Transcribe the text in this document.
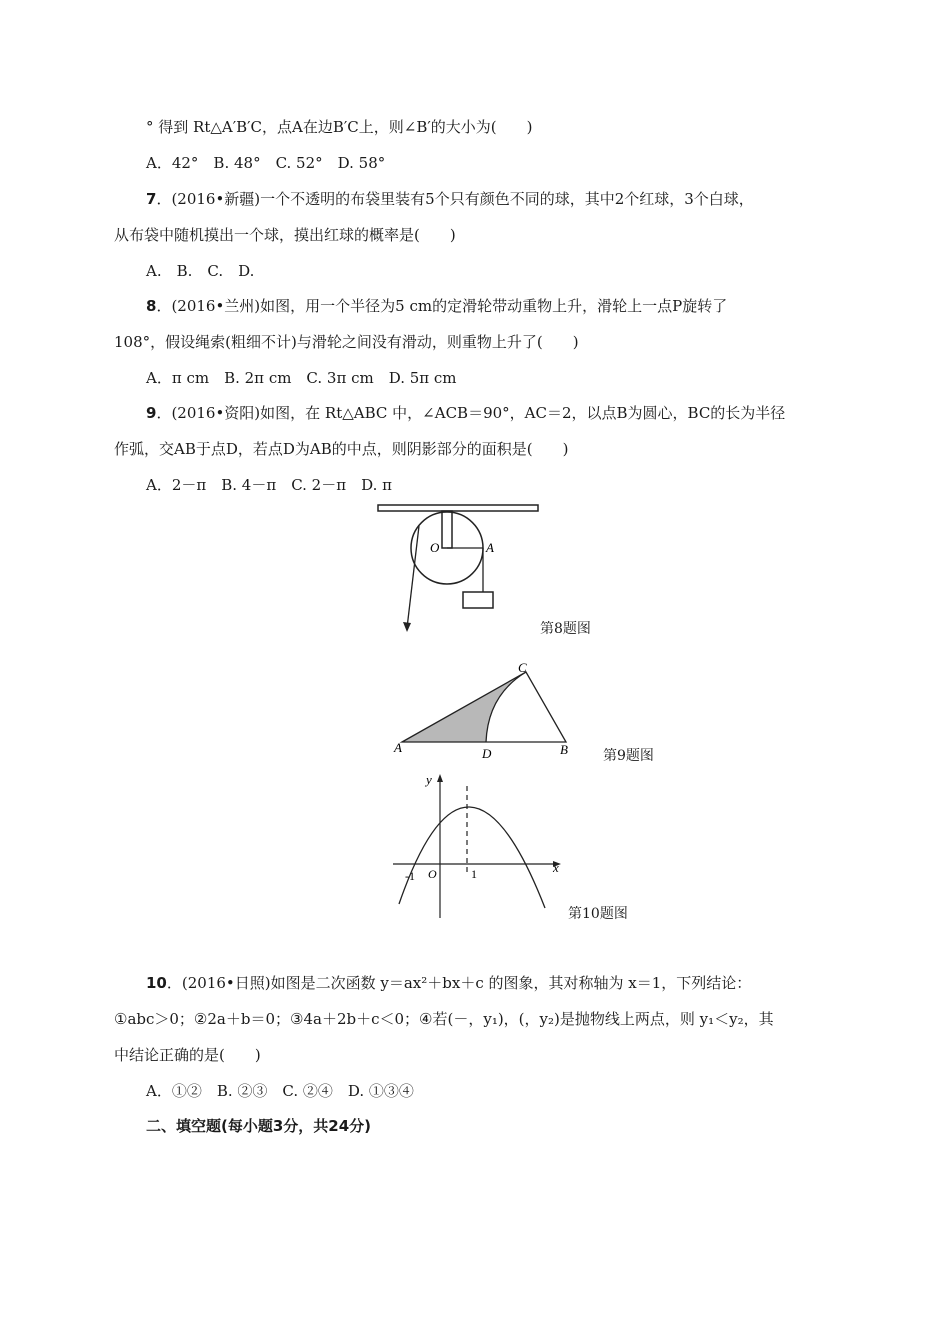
° 得到 Rt△A′B′C，点A在边B′C上，则∠B′的大小为(　　)
A．42°　B. 48°　C. 52°　D. 58°
7．(2016•新疆)一个不透明的布袋里装有5个只有颜色不同的球，其中2个红球，3个白球，
从布袋中随机摸出一个球，摸出红球的概率是(　　)
A.　B.　C.　D.
8．(2016•兰州)如图，用一个半径为5 cm的定滑轮带动重物上升，滑轮上一点P旋转了
108°，假设绳索(粗细不计)与滑轮之间没有滑动，则重物上升了(　　)
A．π cm　B. 2π cm　C. 3π cm　D. 5π cm
9．(2016•资阳)如图，在 Rt△ABC 中，∠ACB＝90°，AC＝2，以点B为圆心，BC的长为半径
作弧，交AB于点D，若点D为AB的中点，则阴影部分的面积是(　　)
A．2－π　B. 4－π　C. 2－π　D. π
O	A
第8题图
A	B
C
D	第9题图
x
y
O
-1	1
第10题图
10．(2016•日照)如图是二次函数 y＝ax²＋bx＋c 的图象，其对称轴为 x＝1，下列结论：
①abc＞0；②2a＋b＝0；③4a＋2b＋c＜0；④若(－，y₁)，(，y₂)是抛物线上两点，则 y₁＜y₂，其
中结论正确的是(　　)
A．①②　B. ②③　C. ②④　D. ①③④
二、填空题(每小题3分，共24分)
